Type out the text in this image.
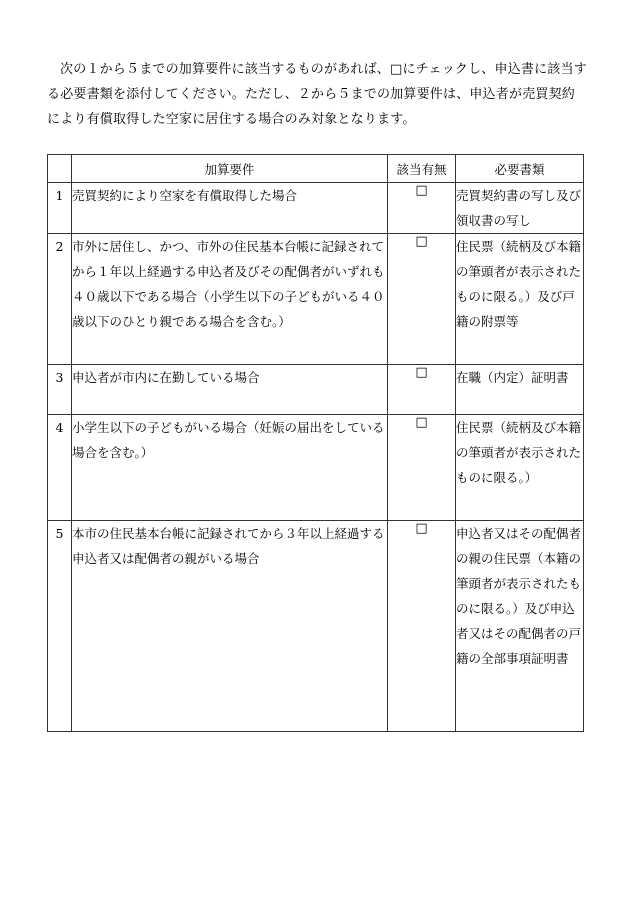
次の１から５までの加算要件に該当するものがあれば、□にチェックし、申込書に該当する必要書類を添付してください。ただし、２から５までの加算要件は、申込者が売買契約により有償取得した空家に居住する場合のみ対象となります。

	加算要件	該当有無	必要書類
1	売買契約により空家を有償取得した場合	□	売買契約書の写し及び領収書の写し
2	市外に居住し、かつ、市外の住民基本台帳に記録されてから１年以上経過する申込者及びその配偶者がいずれも４０歳以下である場合（小学生以下の子どもがいる４０歳以下のひとり親である場合を含む。）	□	住民票（続柄及び本籍の筆頭者が表示されたものに限る。）及び戸籍の附票等
3	申込者が市内に在勤している場合	□	在職（内定）証明書
4	小学生以下の子どもがいる場合（妊娠の届出をしている場合を含む。）	□	住民票（続柄及び本籍の筆頭者が表示されたものに限る。）
5	本市の住民基本台帳に記録されてから３年以上経過する申込者又は配偶者の親がいる場合	□	申込者又はその配偶者の親の住民票（本籍の筆頭者が表示されたものに限る。）及び申込者又はその配偶者の戸籍の全部事項証明書
